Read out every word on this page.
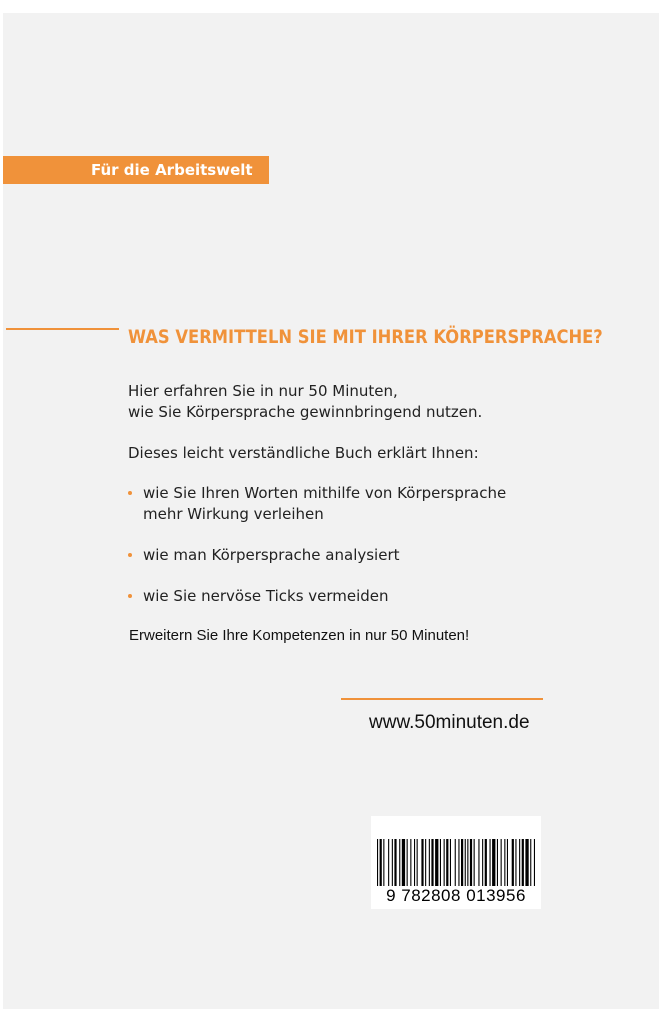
Für die Arbeitswelt
WAS VERMITTELN SIE MIT IHRER KÖRPERSPRACHE?
Hier erfahren Sie in nur 50 Minuten,
wie Sie Körpersprache gewinnbringend nutzen.
Dieses leicht verständliche Buch erklärt Ihnen:
wie Sie Ihren Worten mithilfe von Körpersprache
mehr Wirkung verleihen
wie man Körpersprache analysiert
wie Sie nervöse Ticks vermeiden
Erweitern Sie Ihre Kompetenzen in nur 50 Minuten!
www.50minuten.de
9 782808 013956
